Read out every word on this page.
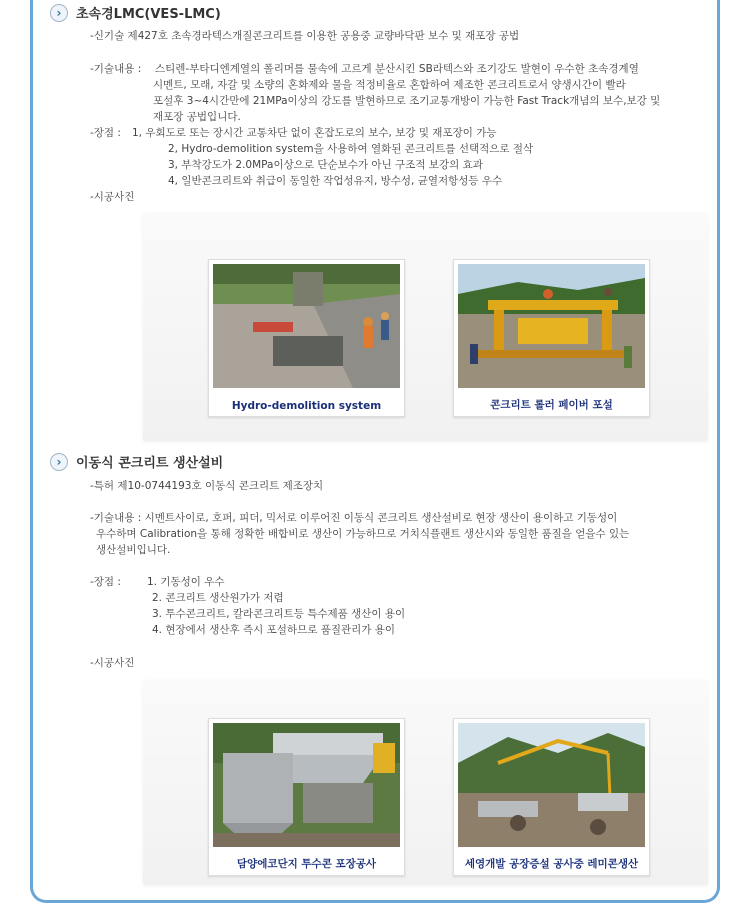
›	초속경LMC(VES-LMC)
-신기술 제427호 초속경라텍스개질콘크리트를 이용한 공용중 교량바닥판 보수 및 재포장 공법
-기술내용 : 스티렌-부타디엔계열의 폴리머를 물속에 고르게 분산시킨 SB라텍스와 조기강도 발현이 우수한 초속경계열
시멘트, 모래, 자갈 및 소량의 혼화제와 물을 적정비율로 혼합하여 제조한 콘크리트로서 양생시간이 빨라
포설후 3~4시간만에 21MPa이상의 강도를 발현하므로 조기교통개방이 가능한 Fast Track개념의 보수,보강 및
재포장 공법입니다.
-장점 : 1, 우회도로 또는 장시간 교통차단 없이 혼잡도로의 보수, 보강 및 재포장이 가능
2, Hydro-demolition system을 사용하여 열화된 콘크리트를 선택적으로 절삭
3, 부착강도가 2.0MPa이상으로 단순보수가 아닌 구조적 보강의 효과
4, 일반콘크리트와 취급이 동일한 작업성유지, 방수성, 균열저항성등 우수
-시공사진
Hydro-demolition system	콘크리트 롤러 페이버 포설
›	이동식 콘크리트 생산설비
-특허 제10-0744193호 이동식 콘크리트 제조장치
-기술내용 : 시멘트사이로, 호퍼, 피더, 믹서로 이루어진 이동식 콘크리트 생산설비로 현장 생산이 용이하고 기동성이
우수하며 Calibration을 통해 정확한 배합비로 생산이 가능하므로 거치식플랜트 생산시와 동일한 품질을 얻을수 있는
생산설비입니다.
-장점 : 1. 기동성이 우수
2. 콘크리트 생산원가가 저렴
3. 투수콘크리트, 칼라콘크리트등 특수제품 생산이 용이
4. 현장에서 생산후 즉시 포설하므로 품질관리가 용이
-시공사진
담양에코단지 투수콘 포장공사	세영개발 공장증설 공사중 레미콘생산
